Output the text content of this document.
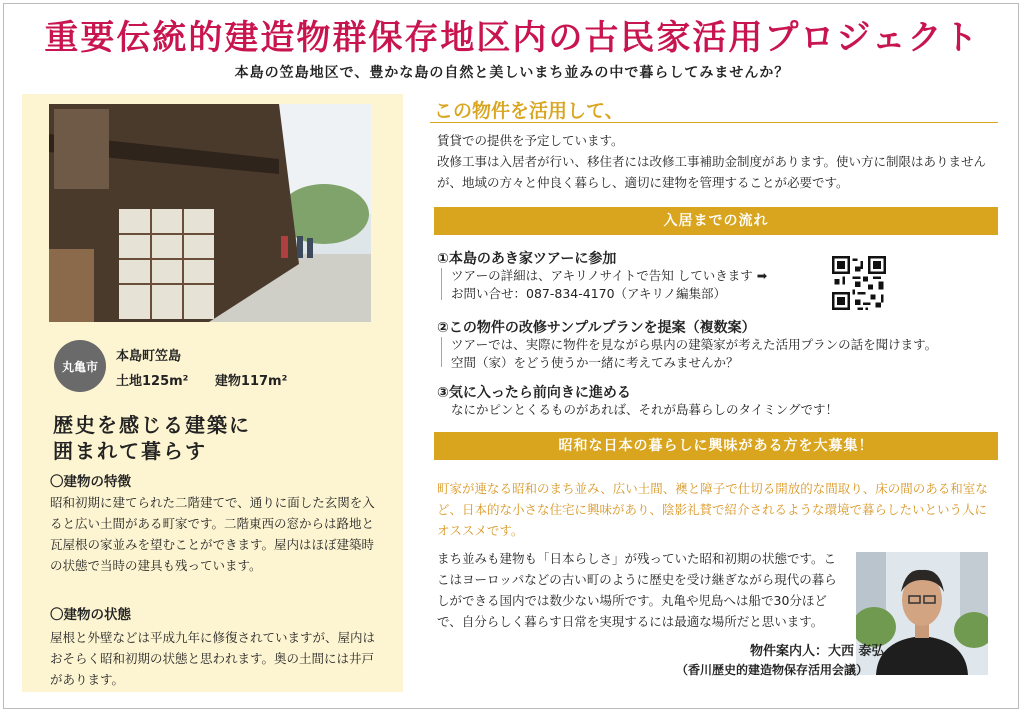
重要伝統的建造物群保存地区内の古民家活用プロジェクト
本島の笠島地区で、豊かな島の自然と美しいまち並みの中で暮らしてみませんか？
丸亀市
本島町笠島
土地125m² 建物117m²
歴史を感じる建築に
囲まれて暮らす
〇建物の特徴
昭和初期に建てられた二階建てで、通りに面した玄関を入ると広い土間がある町家です。二階東西の窓からは路地と瓦屋根の家並みを望むことができます。屋内はほぼ建築時の状態で当時の建具も残っています。
〇建物の状態
屋根と外壁などは平成九年に修復されていますが、屋内はおそらく昭和初期の状態と思われます。奥の土間には井戸があります。
この物件を活用して、
賃貸での提供を予定しています。
改修工事は入居者が行い、移住者には改修工事補助金制度があります。使い方に制限はありませんが、地域の方々と仲良く暮らし、適切に建物を管理することが必要です。
入居までの流れ
①本島のあき家ツアーに参加
ツアーの詳細は、アキリノサイトで告知 していきます ➡
お問い合せ：087-834-4170（アキリノ編集部）
②この物件の改修サンプルプランを提案（複数案）
ツアーでは、実際に物件を見ながら県内の建築家が考えた活用プランの話を聞けます。
空間（家）をどう使うか一緒に考えてみませんか？
③気に入ったら前向きに進める
なにかピンとくるものがあれば、それが島暮らしのタイミングです！
昭和な日本の暮らしに興味がある方を大募集！
町家が連なる昭和のまち並み、広い土間、襖と障子で仕切る開放的な間取り、床の間のある和室など、日本的な小さな住宅に興味があり、陰影礼賛で紹介されるような環境で暮らしたいという人にオススメです。
まち並みも建物も「日本らしさ」が残っていた昭和初期の状態です。ここはヨーロッパなどの古い町のように歴史を受け継ぎながら現代の暮らしができる国内では数少ない場所です。丸亀や児島へは船で30分ほどで、自分らしく暮らす日常を実現するには最適な場所だと思います。
物件案内人：大西 泰弘
（香川歴史的建造物保存活用会議）
